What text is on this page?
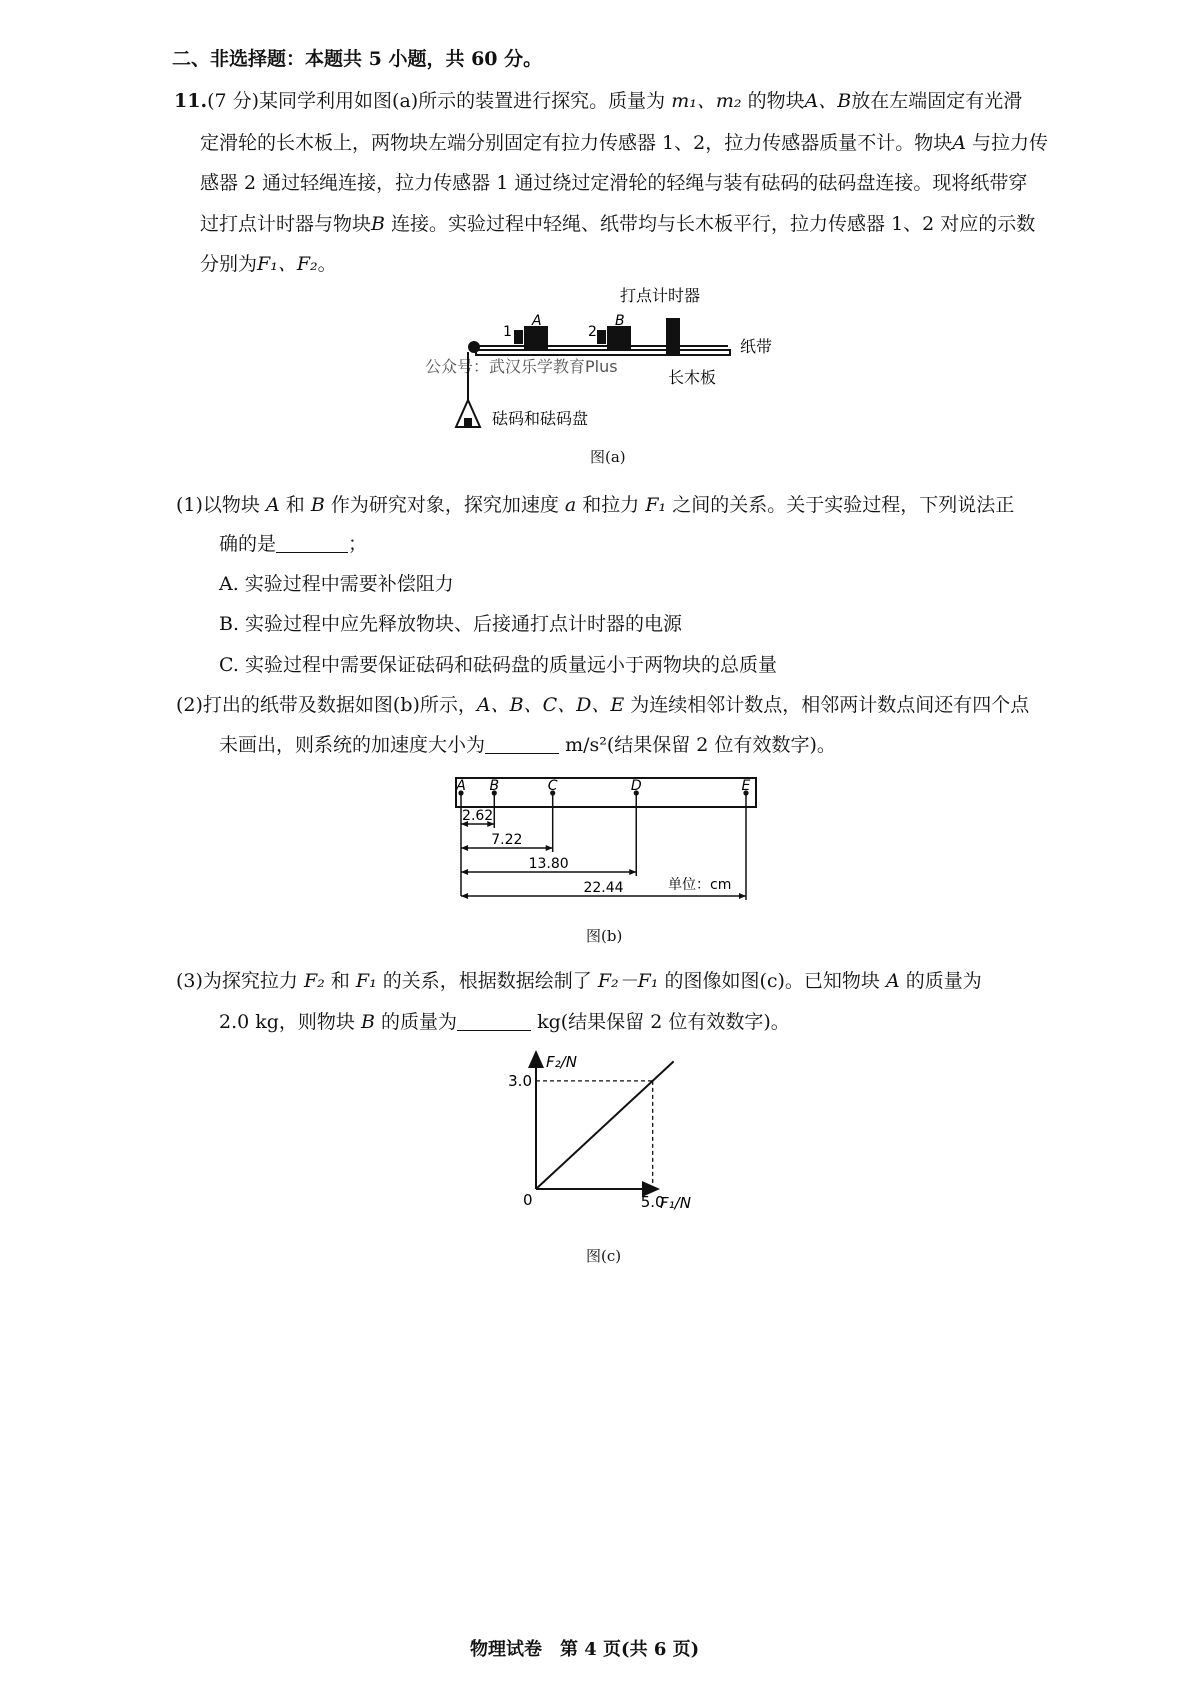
二、非选择题：本题共 5 小题，共 60 分。
11.(7 分)某同学利用如图(a)所示的装置进行探究。质量为 m₁、m₂ 的物块A、B放在左端固定有光滑
定滑轮的长木板上，两物块左端分别固定有拉力传感器 1、2，拉力传感器质量不计。物块A 与拉力传
感器 2 通过轻绳连接，拉力传感器 1 通过绕过定滑轮的轻绳与装有砝码的砝码盘连接。现将纸带穿
过打点计时器与物块B 连接。实验过程中轻绳、纸带均与长木板平行，拉力传感器 1、2 对应的示数
分别为F₁、F₂。
打点计时器
纸带
1
A
2
B
公众号：武汉乐学教育Plus
长木板
砝码和砝码盘
图(a)
(1)以物块 A 和 B 作为研究对象，探究加速度 a 和拉力 F₁ 之间的关系。关于实验过程，下列说法正
确的是	；
A. 实验过程中需要补偿阻力
B. 实验过程中应先释放物块、后接通打点计时器的电源
C. 实验过程中需要保证砝码和砝码盘的质量远小于两物块的总质量
(2)打出的纸带及数据如图(b)所示，A、B、C、D、E 为连续相邻计数点，相邻两计数点间还有四个点
未画出，则系统的加速度大小为	m/s²(结果保留 2 位有效数字)。
A B	C	D	E
2.62
7.22
13.80
22.44	单位：cm
图(b)
(3)为探究拉力 F₂ 和 F₁ 的关系，根据数据绘制了 F₂－F₁ 的图像如图(c)。已知物块 A 的质量为
2.0 kg，则物块 B 的质量为	kg(结果保留 2 位有效数字)。
3.0
5.0
0
F₂/N
F₁/N
图(c)
物理试卷　第 4 页(共 6 页)
